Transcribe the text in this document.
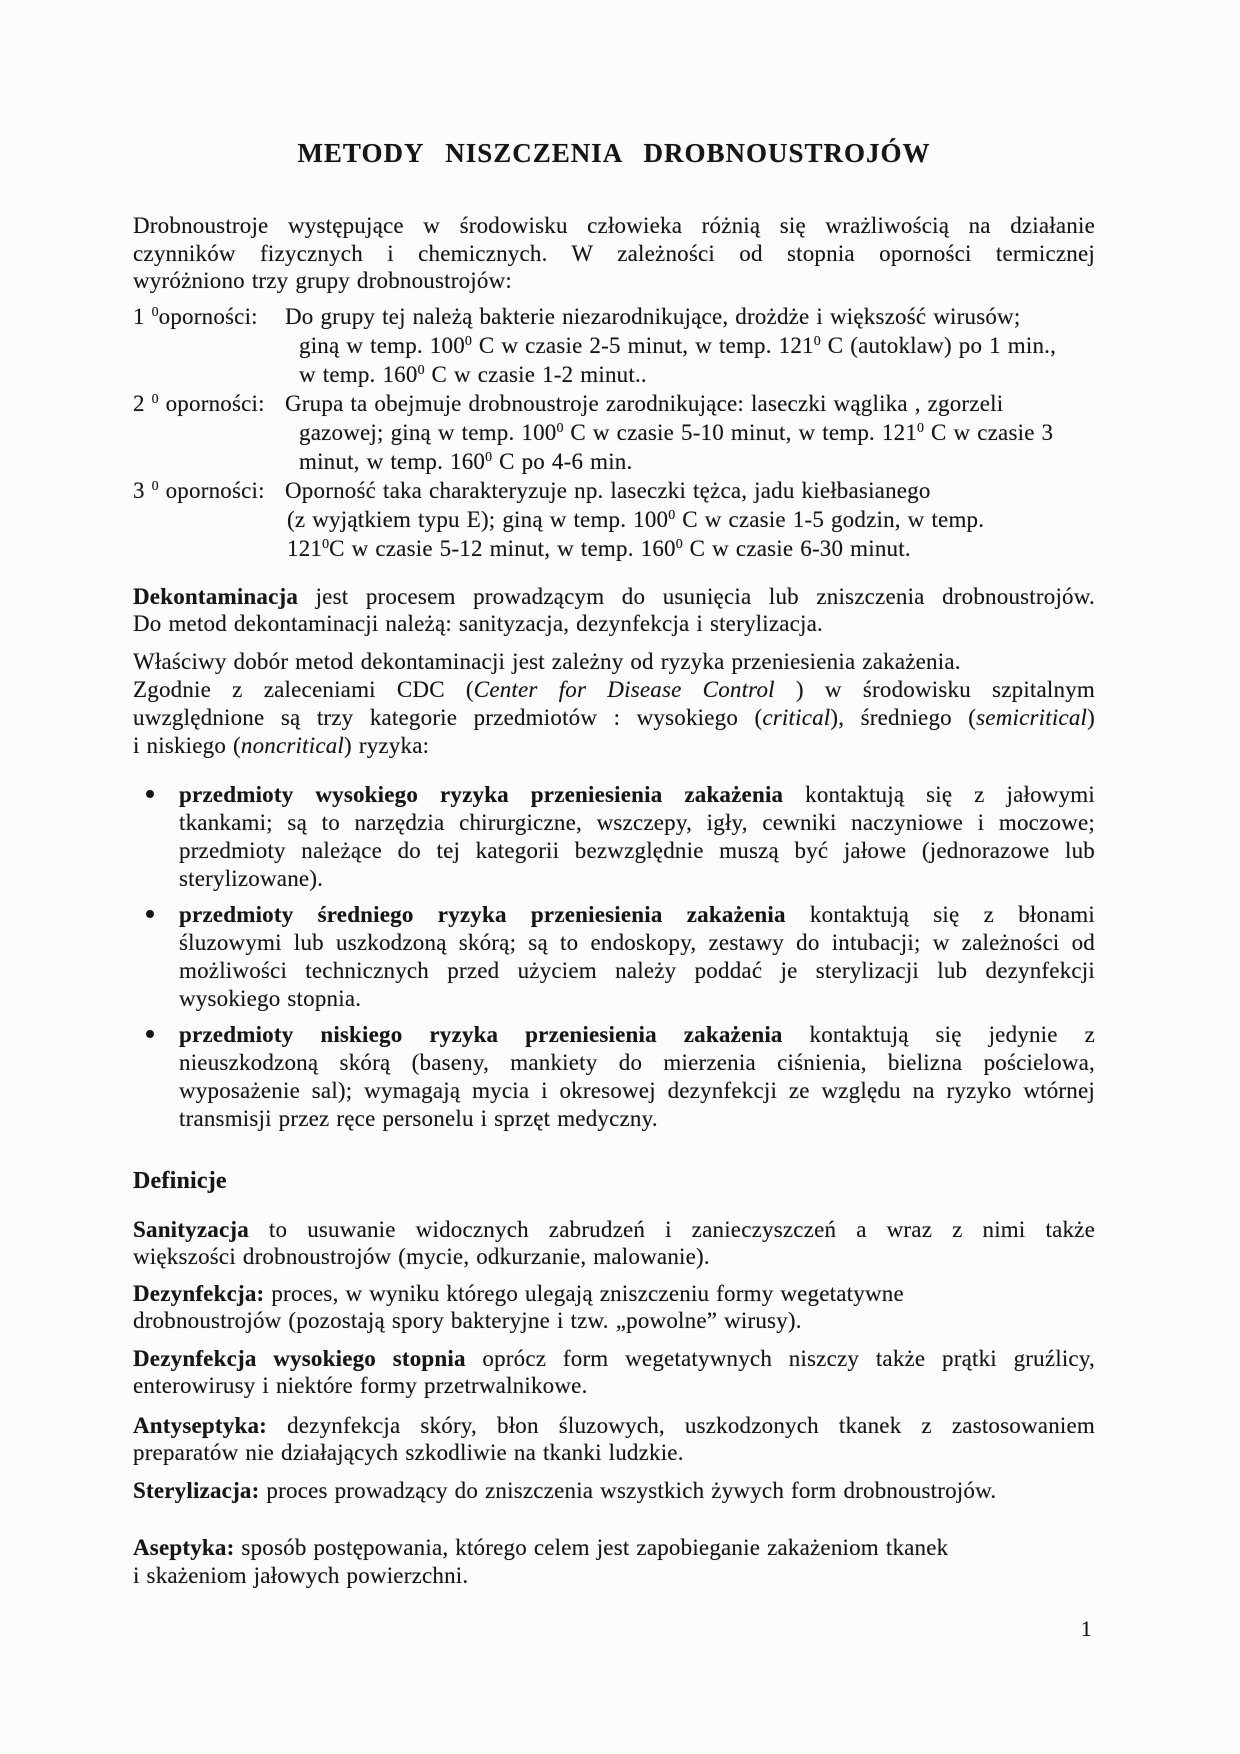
METODY NISZCZENIA DROBNOUSTROJÓW
Drobnoustroje występujące w środowisku człowieka różnią się wrażliwością na działanie
czynników fizycznych i chemicznych. W zależności od stopnia oporności termicznej
wyróżniono trzy grupy drobnoustrojów:
1 $^0$oporności:	Do grupy tej należą bakterie niezarodnikujące, drożdże i większość wirusów;
giną w temp. $100^0$ C w czasie 2-5 minut, w temp. $121^0$ C (autoklaw) po 1 min.,
w temp. $160^0$ C w czasie 1-2 minut..
2 $^0$ oporności: Grupa ta obejmuje drobnoustroje zarodnikujące: laseczki wąglika , zgorzeli
gazowej; giną w temp. $100^0$ C w czasie 5-10 minut, w temp. $121^0$ C w czasie 3
minut, w temp. $160^0$ C po 4-6 min.
3 $^0$ oporności: Oporność taka charakteryzuje np. laseczki tężca, jadu kiełbasianego
(z wyjątkiem typu E); giną w temp. $100^0$ C w czasie 1-5 godzin, w temp.
$121^0C$ w czasie 5-12 minut, w temp. $160^0$ C w czasie 6-30 minut.
Dekontaminacja jest procesem prowadzącym do usunięcia lub zniszczenia drobnoustrojów.
Do metod dekontaminacji należą: sanityzacja, dezynfekcja i sterylizacja.
Właściwy dobór metod dekontaminacji jest zależny od ryzyka przeniesienia zakażenia.
Zgodnie z zaleceniami CDC (Center for Disease Control ) w środowisku szpitalnym
uwzględnione są trzy kategorie przedmiotów : wysokiego (critical), średniego (semicritical)
i niskiego (noncritical) ryzyka:
przedmioty wysokiego ryzyka przeniesienia zakażenia kontaktują się z jałowymi
tkankami; są to narzędzia chirurgiczne, wszczepy, igły, cewniki naczyniowe i moczowe;
przedmioty należące do tej kategorii bezwzględnie muszą być jałowe (jednorazowe lub
sterylizowane).
przedmioty średniego ryzyka przeniesienia zakażenia kontaktują się z błonami
śluzowymi lub uszkodzoną skórą; są to endoskopy, zestawy do intubacji; w zależności od
możliwości technicznych przed użyciem należy poddać je sterylizacji lub dezynfekcji
wysokiego stopnia.
przedmioty niskiego ryzyka przeniesienia zakażenia kontaktują się jedynie z
nieuszkodzoną skórą (baseny, mankiety do mierzenia ciśnienia, bielizna pościelowa,
wyposażenie sal); wymagają mycia i okresowej dezynfekcji ze względu na ryzyko wtórnej
transmisji przez ręce personelu i sprzęt medyczny.
Definicje
Sanityzacja to usuwanie widocznych zabrudzeń i zanieczyszczeń a wraz z nimi także
większości drobnoustrojów (mycie, odkurzanie, malowanie).
Dezynfekcja: proces, w wyniku którego ulegają zniszczeniu formy wegetatywne
drobnoustrojów (pozostają spory bakteryjne i tzw. „powolne” wirusy).
Dezynfekcja wysokiego stopnia oprócz form wegetatywnych niszczy także prątki gruźlicy,
enterowirusy i niektóre formy przetrwalnikowe.
Antyseptyka: dezynfekcja skóry, błon śluzowych, uszkodzonych tkanek z zastosowaniem
preparatów nie działających szkodliwie na tkanki ludzkie.
Sterylizacja: proces prowadzący do zniszczenia wszystkich żywych form drobnoustrojów.
Aseptyka: sposób postępowania, którego celem jest zapobieganie zakażeniom tkanek
i skażeniom jałowych powierzchni.
1
